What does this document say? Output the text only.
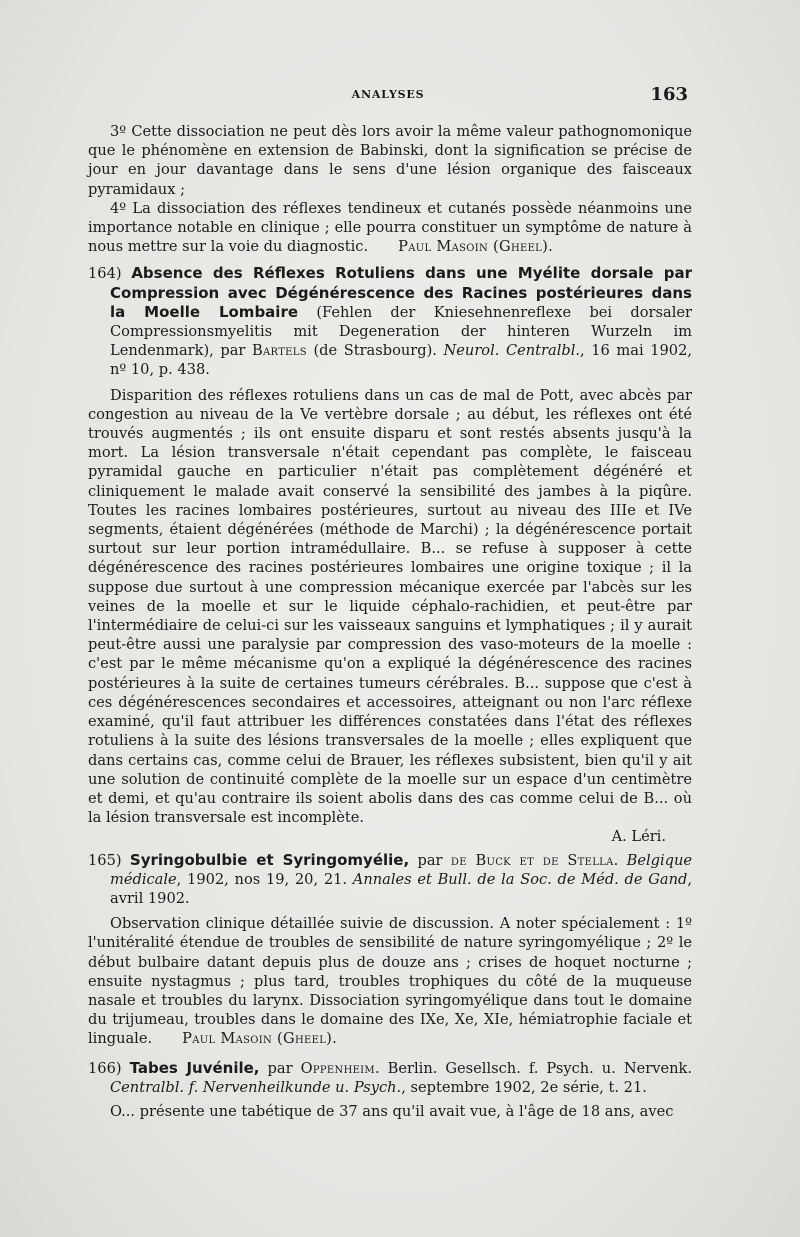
ANALYSES	163

3º Cette dissociation ne peut dès lors avoir la même valeur pathognomonique que le phénomène en extension de Babinski, dont la signification se précise de jour en jour davantage dans le sens d'une lésion organique des faisceaux pyramidaux ;

4º La dissociation des réflexes tendineux et cutanés possède néanmoins une importance notable en clinique ; elle pourra constituer un symptôme de nature à nous mettre sur la voie du diagnostic. Paul Masoin (Gheel).

164) Absence des Réflexes Rotuliens dans une Myélite dorsale par Compression avec Dégénérescence des Racines postérieures dans la Moelle Lombaire (Fehlen der Kniesehnenreflexe bei dorsaler Compressionsmyelitis mit Degeneration der hinteren Wurzeln im Lendenmark), par Bartels (de Strasbourg). Neurol. Centralbl., 16 mai 1902, nº 10, p. 438.

Disparition des réflexes rotuliens dans un cas de mal de Pott, avec abcès par congestion au niveau de la Ve vertèbre dorsale ; au début, les réflexes ont été trouvés augmentés ; ils ont ensuite disparu et sont restés absents jusqu'à la mort. La lésion transversale n'était cependant pas complète, le faisceau pyramidal gauche en particulier n'était pas complètement dégénéré et cliniquement le malade avait conservé la sensibilité des jambes à la piqûre. Toutes les racines lombaires postérieures, surtout au niveau des IIIe et IVe segments, étaient dégénérées (méthode de Marchi) ; la dégénérescence portait surtout sur leur portion intramédullaire. B... se refuse à supposer à cette dégénérescence des racines postérieures lombaires une origine toxique ; il la suppose due surtout à une compression mécanique exercée par l'abcès sur les veines de la moelle et sur le liquide céphalo-rachidien, et peut-être par l'intermédiaire de celui-ci sur les vaisseaux sanguins et lymphatiques ; il y aurait peut-être aussi une paralysie par compression des vaso-moteurs de la moelle : c'est par le même mécanisme qu'on a expliqué la dégénérescence des racines postérieures à la suite de certaines tumeurs cérébrales. B... suppose que c'est à ces dégénérescences secondaires et accessoires, atteignant ou non l'arc réflexe examiné, qu'il faut attribuer les différences constatées dans l'état des réflexes rotuliens à la suite des lésions transversales de la moelle ; elles expliquent que dans certains cas, comme celui de Brauer, les réflexes subsistent, bien qu'il y ait une solution de continuité complète de la moelle sur un espace d'un centimètre et demi, et qu'au contraire ils soient abolis dans des cas comme celui de B... où la lésion transversale est incomplète.

A. Léri.

165) Syringobulbie et Syringomyélie, par de Buck et de Stella. Belgique médicale, 1902, nos 19, 20, 21. Annales et Bull. de la Soc. de Méd. de Gand, avril 1902.

Observation clinique détaillée suivie de discussion. A noter spécialement : 1º l'unitéralité étendue de troubles de sensibilité de nature syringomyélique ; 2º le début bulbaire datant depuis plus de douze ans ; crises de hoquet nocturne ; ensuite nystagmus ; plus tard, troubles trophiques du côté de la muqueuse nasale et troubles du larynx. Dissociation syringomyélique dans tout le domaine du trijumeau, troubles dans le domaine des IXe, Xe, XIe, hémiatrophie faciale et linguale. Paul Masoin (Gheel).

166) Tabes Juvénile, par Oppenheim. Berlin. Gesellsch. f. Psych. u. Nervenk. Centralbl. f. Nervenheilkunde u. Psych., septembre 1902, 2e série, t. 21.

O... présente une tabétique de 37 ans qu'il avait vue, à l'âge de 18 ans, avec
